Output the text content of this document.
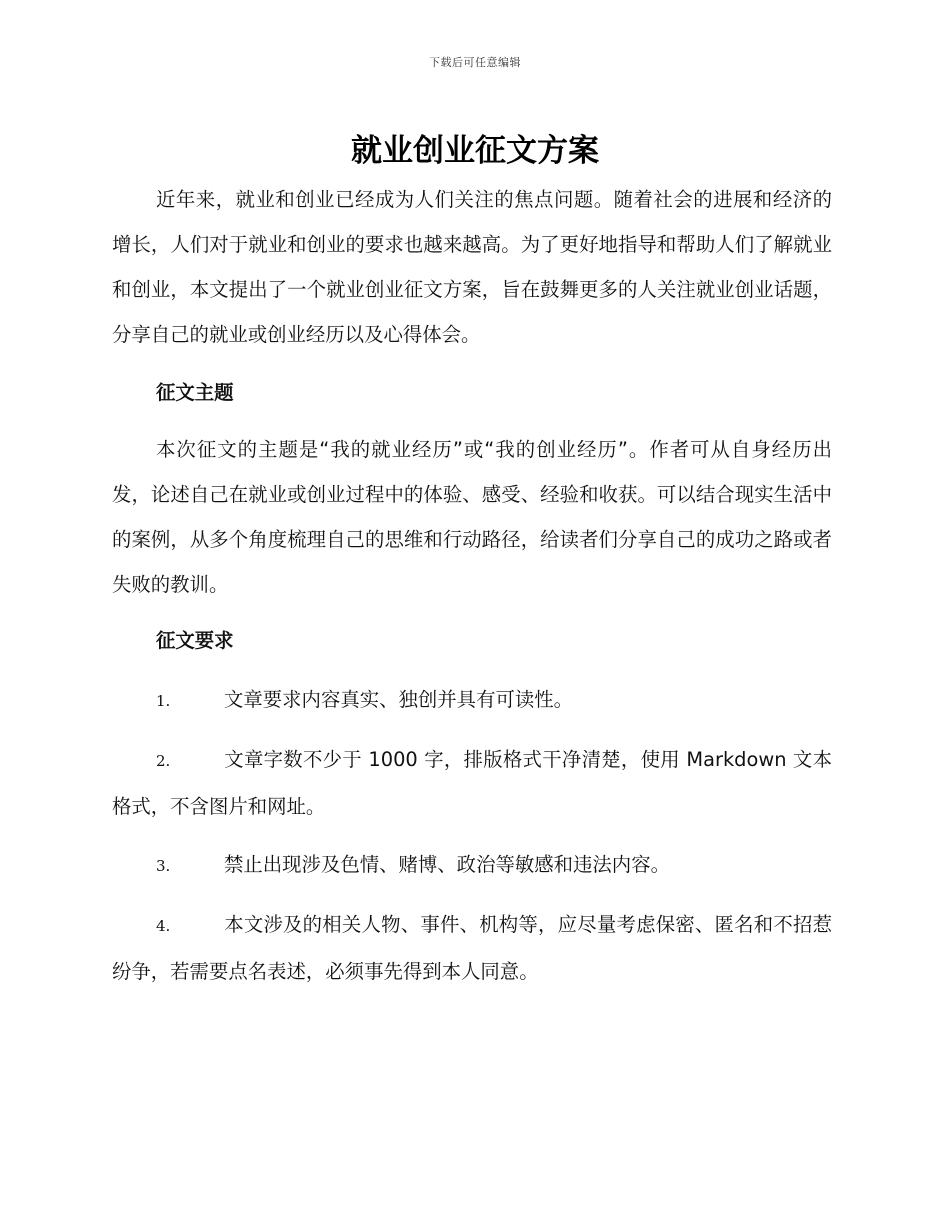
下载后可任意编辑
就业创业征文方案

近年来，就业和创业已经成为人们关注的焦点问题。随着社会的进展和经济的增长，人们对于就业和创业的要求也越来越高。为了更好地指导和帮助人们了解就业和创业，本文提出了一个就业创业征文方案，旨在鼓舞更多的人关注就业创业话题，分享自己的就业或创业经历以及心得体会。

征文主题

本次征文的主题是“我的就业经历”或“我的创业经历”。作者可从自身经历出发，论述自己在就业或创业过程中的体验、感受、经验和收获。可以结合现实生活中的案例，从多个角度梳理自己的思维和行动路径，给读者们分享自己的成功之路或者失败的教训。

征文要求
1.	文章要求内容真实、独创并具有可读性。
2.	文章字数不少于 1000 字，排版格式干净清楚，使用 Markdown 文本格式，不含图片和网址。
3.	禁止出现涉及色情、赌博、政治等敏感和违法内容。
4.	本文涉及的相关人物、事件、机构等，应尽量考虑保密、匿名和不招惹纷争，若需要点名表述，必须事先得到本人同意。
